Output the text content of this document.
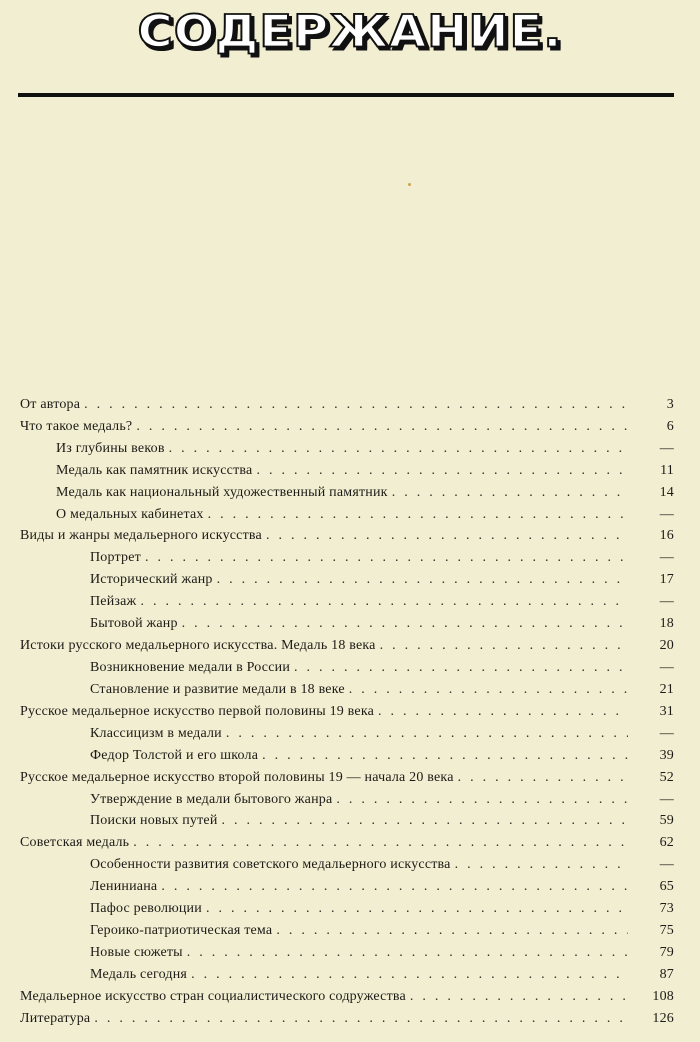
СОДЕРЖАНИЕ.
От автора .....	3
Что такое медаль? .....	6
Из глубины веков .....	—
Медаль как памятник искусства .....	11
Медаль как национальный художественный памятник .....	14
О медальных кабинетах .....	—
Виды и жанры медальерного искусства .....	16
Портрет .....	—
Исторический жанр .....	17
Пейзаж .....	—
Бытовой жанр .....	18
Истоки русского медальерного искусства. Медаль 18 века .....	20
Возникновение медали в России .....	—
Становление и развитие медали в 18 веке .....	21
Русское медальерное искусство первой половины 19 века .....	31
Классицизм в медали .....	—
Федор Толстой и его школа .....	39
Русское медальерное искусство второй половины 19 — начала 20 века .....	52
Утверждение в медали бытового жанра .....	—
Поиски новых путей .....	59
Советская медаль .....	62
Особенности развития советского медальерного искусства .....	—
Лениниана .....	65
Пафос революции .....	73
Героико-патриотическая тема .....	75
Новые сюжеты .....	79
Медаль сегодня .....	87
Медальерное искусство стран социалистического содружества .....	108
Литература .....	126
